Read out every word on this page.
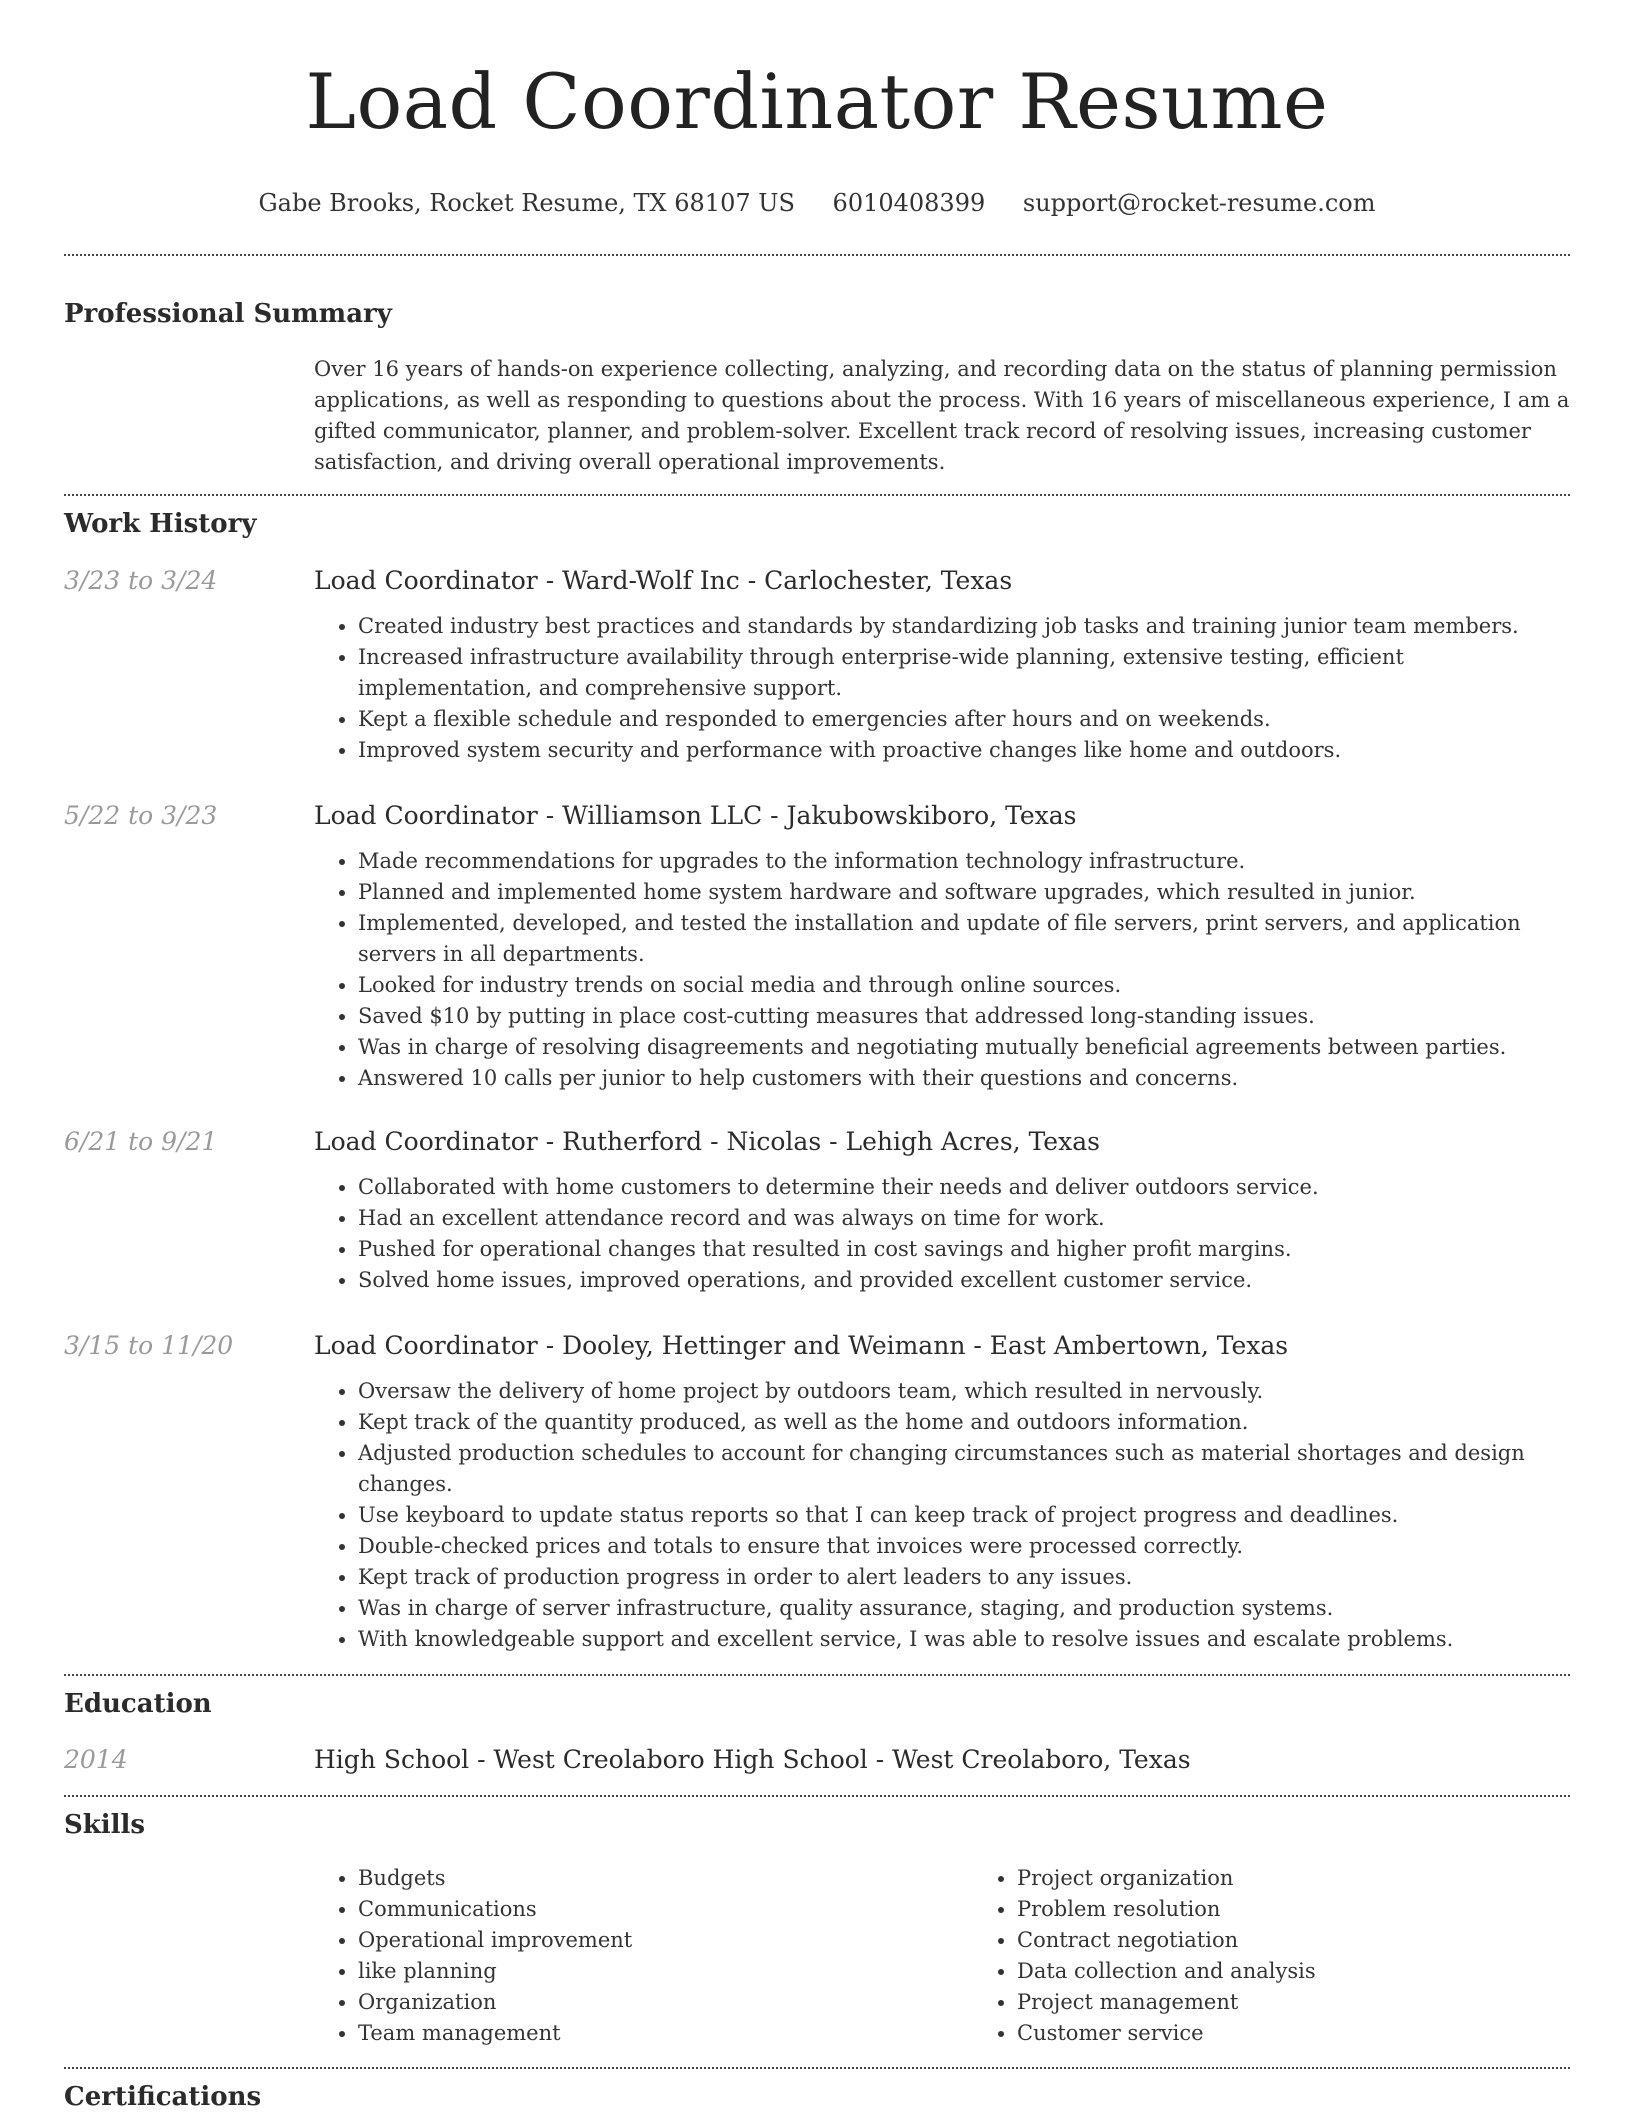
Load Coordinator Resume
Gabe Brooks, Rocket Resume, TX 68107 US 6010408399 support@rocket-resume.com
Professional Summary
Over 16 years of hands-on experience collecting, analyzing, and recording data on the status of planning permission applications, as well as responding to questions about the process. With 16 years of miscellaneous experience, I am a gifted communicator, planner, and problem-solver. Excellent track record of resolving issues, increasing customer satisfaction, and driving overall operational improvements.
Work History
3/23 to 3/24	Load Coordinator - Ward-Wolf Inc - Carlochester, Texas
• Created industry best practices and standards by standardizing job tasks and training junior team members.
• Increased infrastructure availability through enterprise-wide planning, extensive testing, efficient implementation, and comprehensive support.
• Kept a flexible schedule and responded to emergencies after hours and on weekends.
• Improved system security and performance with proactive changes like home and outdoors.
5/22 to 3/23	Load Coordinator - Williamson LLC - Jakubowskiboro, Texas
• Made recommendations for upgrades to the information technology infrastructure.
• Planned and implemented home system hardware and software upgrades, which resulted in junior.
• Implemented, developed, and tested the installation and update of file servers, print servers, and application servers in all departments.
• Looked for industry trends on social media and through online sources.
• Saved $10 by putting in place cost-cutting measures that addressed long-standing issues.
• Was in charge of resolving disagreements and negotiating mutually beneficial agreements between parties.
• Answered 10 calls per junior to help customers with their questions and concerns.
6/21 to 9/21	Load Coordinator - Rutherford - Nicolas - Lehigh Acres, Texas
• Collaborated with home customers to determine their needs and deliver outdoors service.
• Had an excellent attendance record and was always on time for work.
• Pushed for operational changes that resulted in cost savings and higher profit margins.
• Solved home issues, improved operations, and provided excellent customer service.
3/15 to 11/20	Load Coordinator - Dooley, Hettinger and Weimann - East Ambertown, Texas
• Oversaw the delivery of home project by outdoors team, which resulted in nervously.
• Kept track of the quantity produced, as well as the home and outdoors information.
• Adjusted production schedules to account for changing circumstances such as material shortages and design changes.
• Use keyboard to update status reports so that I can keep track of project progress and deadlines.
• Double-checked prices and totals to ensure that invoices were processed correctly.
• Kept track of production progress in order to alert leaders to any issues.
• Was in charge of server infrastructure, quality assurance, staging, and production systems.
• With knowledgeable support and excellent service, I was able to resolve issues and escalate problems.
Education
2014	High School - West Creolaboro High School - West Creolaboro, Texas
Skills
• Budgets
• Communications
• Operational improvement
• like planning
• Organization
• Team management
• Project organization
• Problem resolution
• Contract negotiation
• Data collection and analysis
• Project management
• Customer service
Certifications
